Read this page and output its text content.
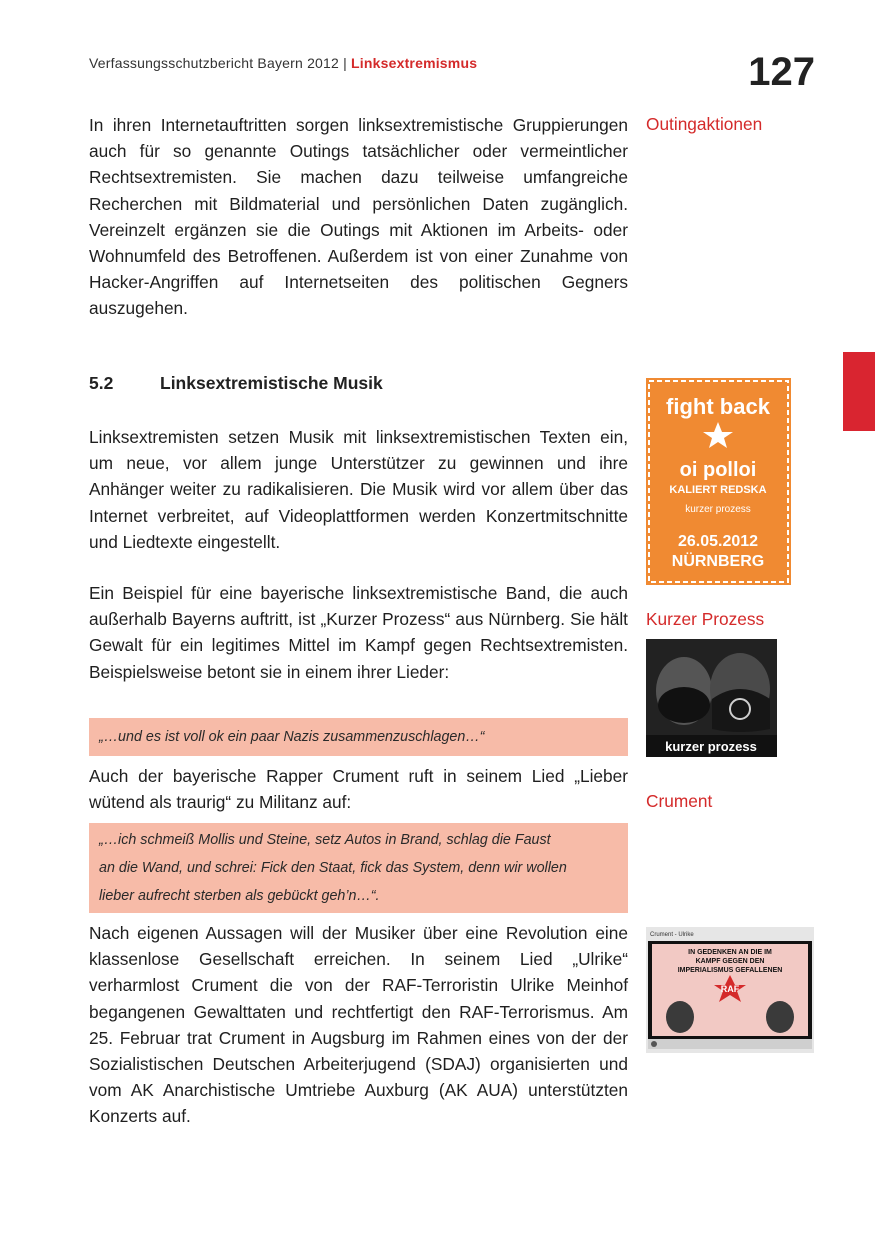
Verfassungsschutzbericht Bayern 2012 | Linksextremismus	127
In ihren Internetauftritten sorgen linksextremistische Gruppierungen auch für so genannte Outings tatsächlicher oder vermeintlicher Rechtsextremisten. Sie machen dazu teilweise umfangreiche Recherchen mit Bildmaterial und persönlichen Daten zugänglich. Vereinzelt ergänzen sie die Outings mit Aktionen im Arbeits- oder Wohnumfeld des Betroffenen. Außerdem ist von einer Zunahme von Hacker-Angriffen auf Internetseiten des politischen Gegners auszugehen.
Outingaktionen
5.2	Linksextremistische Musik
Linksextremisten setzen Musik mit linksextremistischen Texten ein, um neue, vor allem junge Unterstützer zu gewinnen und ihre Anhänger weiter zu radikalisieren. Die Musik wird vor allem über das Internet verbreitet, auf Videoplattformen werden Konzertmitschnitte und Liedtexte eingestellt.
fight back
oi polloi
KALIERT REDSKA
kurzer prozess
26.05.2012
NÜRNBERG
Ein Beispiel für eine bayerische linksextremistische Band, die auch außerhalb Bayerns auftritt, ist „Kurzer Prozess“ aus Nürnberg. Sie hält Gewalt für ein legitimes Mittel im Kampf gegen Rechtsextremisten. Beispielsweise betont sie in einem ihrer Lieder:
Kurzer Prozess
kurzer prozess
„…und es ist voll ok ein paar Nazis zusammenzuschlagen…“
Auch der bayerische Rapper Crument ruft in seinem Lied „Lieber wütend als traurig“ zu Militanz auf:	Crument
„…ich schmeiß Mollis und Steine, setz Autos in Brand, schlag die Faust
an die Wand, und schrei: Fick den Staat, fick das System, denn wir wollen
lieber aufrecht sterben als gebückt geh’n…“.
Nach eigenen Aussagen will der Musiker über eine Revolution eine klassenlose Gesellschaft erreichen. In seinem Lied „Ulrike“ verharmlost Crument die von der RAF-Terroristin Ulrike Meinhof begangenen Gewalttaten und rechtfertigt den RAF-Terrorismus. Am 25. Februar trat Crument in Augsburg im Rahmen eines von der der Sozialistischen Deutschen Arbeiterjugend (SDAJ) organisierten und vom AK Anarchistische Umtriebe Auxburg (AK AUA) unterstützten Konzerts auf.
Crument - Ulrike
IN GEDENKEN AN DIE IM
KAMPF GEGEN DEN
IMPERIALISMUS GEFALLENEN
RAF
